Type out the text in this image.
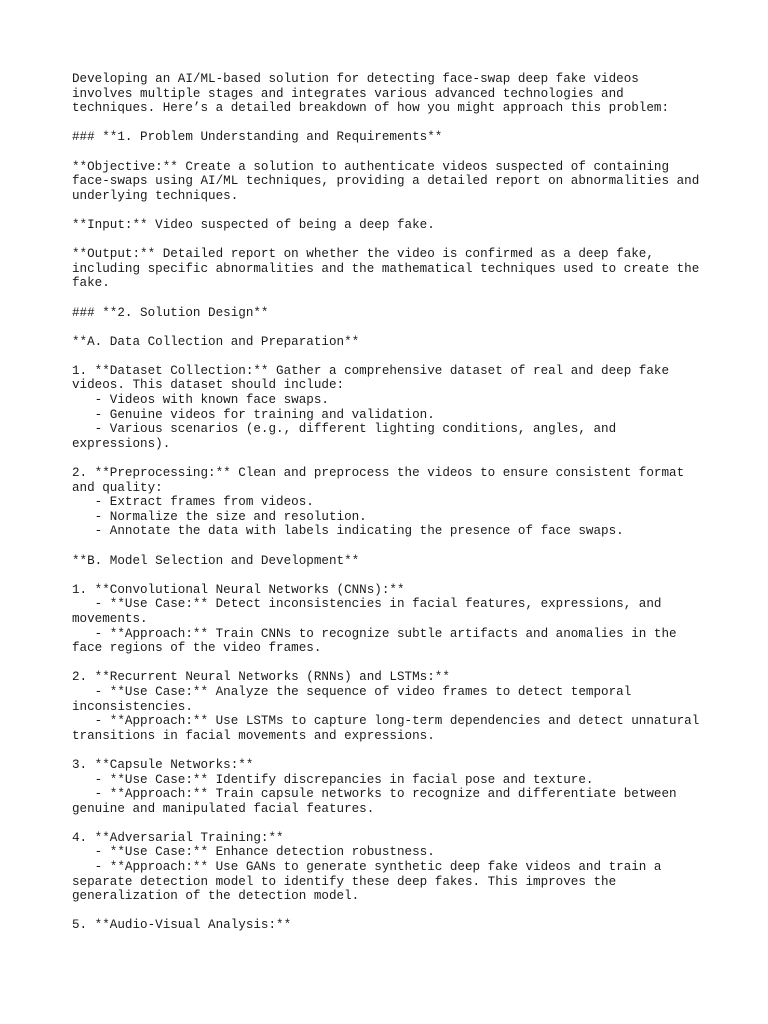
Developing an AI/ML-based solution for detecting face-swap deep fake videos
involves multiple stages and integrates various advanced technologies and
techniques. Here’s a detailed breakdown of how you might approach this problem:
### **1. Problem Understanding and Requirements**
**Objective:** Create a solution to authenticate videos suspected of containing
face-swaps using AI/ML techniques, providing a detailed report on abnormalities and
underlying techniques.
**Input:** Video suspected of being a deep fake.
**Output:** Detailed report on whether the video is confirmed as a deep fake,
including specific abnormalities and the mathematical techniques used to create the
fake.
### **2. Solution Design**
**A. Data Collection and Preparation**
1. **Dataset Collection:** Gather a comprehensive dataset of real and deep fake
videos. This dataset should include:
- Videos with known face swaps.
- Genuine videos for training and validation.
- Various scenarios (e.g., different lighting conditions, angles, and
expressions).
2. **Preprocessing:** Clean and preprocess the videos to ensure consistent format
and quality:
- Extract frames from videos.
- Normalize the size and resolution.
- Annotate the data with labels indicating the presence of face swaps.
**B. Model Selection and Development**
1. **Convolutional Neural Networks (CNNs):**
- **Use Case:** Detect inconsistencies in facial features, expressions, and
movements.
- **Approach:** Train CNNs to recognize subtle artifacts and anomalies in the
face regions of the video frames.
2. **Recurrent Neural Networks (RNNs) and LSTMs:**
- **Use Case:** Analyze the sequence of video frames to detect temporal
inconsistencies.
- **Approach:** Use LSTMs to capture long-term dependencies and detect unnatural
transitions in facial movements and expressions.
3. **Capsule Networks:**
- **Use Case:** Identify discrepancies in facial pose and texture.
- **Approach:** Train capsule networks to recognize and differentiate between
genuine and manipulated facial features.
4. **Adversarial Training:**
- **Use Case:** Enhance detection robustness.
- **Approach:** Use GANs to generate synthetic deep fake videos and train a
separate detection model to identify these deep fakes. This improves the
generalization of the detection model.
5. **Audio-Visual Analysis:**
